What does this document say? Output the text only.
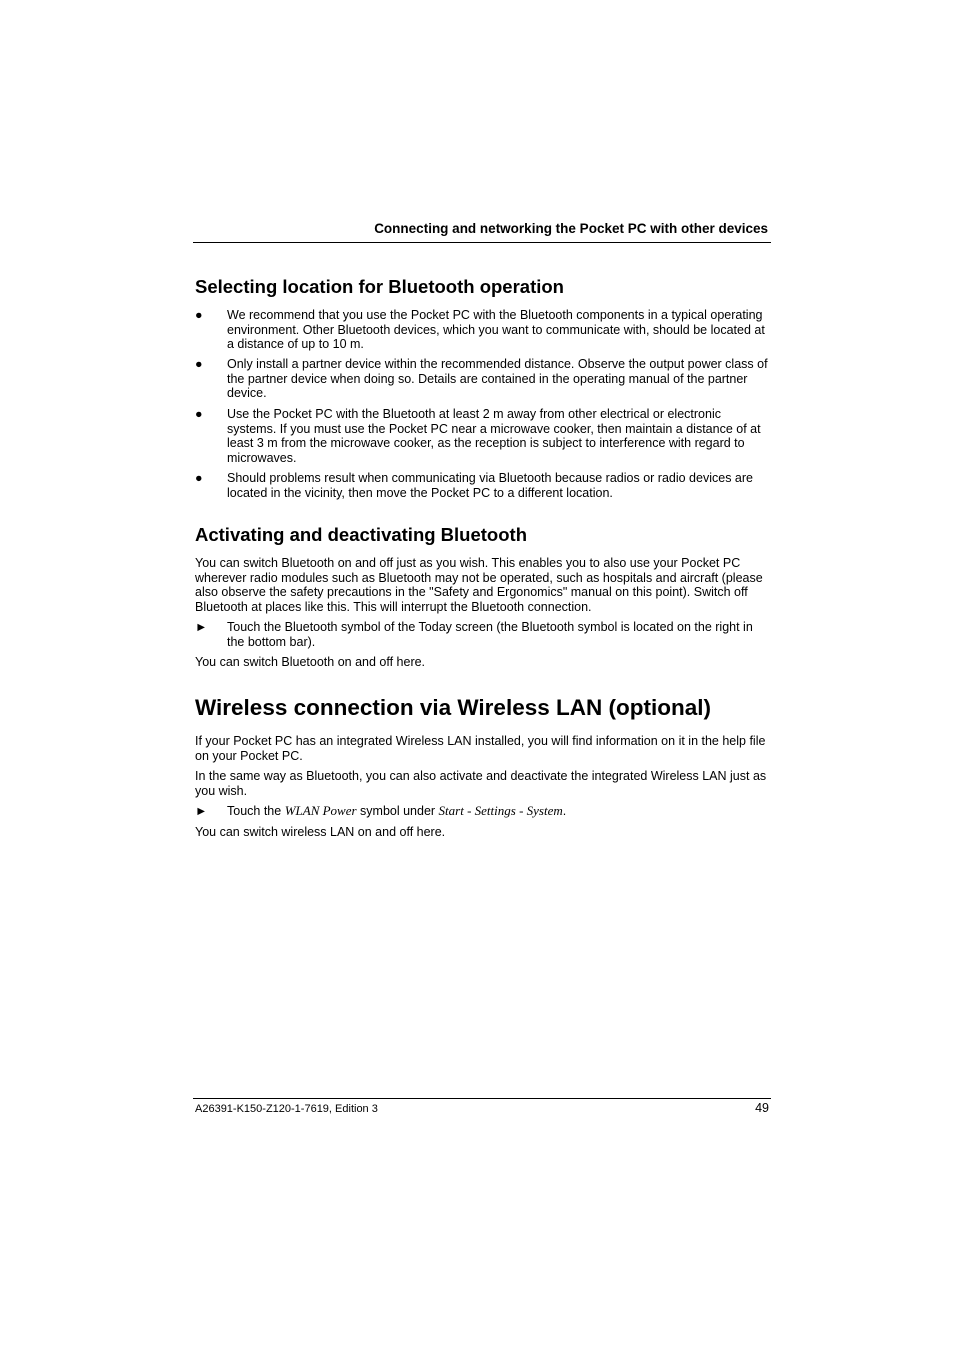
Connecting and networking the Pocket PC with other devices
Selecting location for Bluetooth operation
●	We recommend that you use the Pocket PC with the Bluetooth components in a typical operating environment. Other Bluetooth devices, which you want to communicate with, should be located at a distance of up to 10 m.
●	Only install a partner device within the recommended distance. Observe the output power class of the partner device when doing so. Details are contained in the operating manual of the partner device.
●	Use the Pocket PC with the Bluetooth at least 2 m away from other electrical or electronic systems. If you must use the Pocket PC near a microwave cooker, then maintain a distance of at least 3 m from the microwave cooker, as the reception is subject to interference with regard to microwaves.
●	Should problems result when communicating via Bluetooth because radios or radio devices are located in the vicinity, then move the Pocket PC to a different location.
Activating and deactivating Bluetooth

You can switch Bluetooth on and off just as you wish. This enables you to also use your Pocket PC wherever radio modules such as Bluetooth may not be operated, such as hospitals and aircraft (please also observe the safety precautions in the "Safety and Ergonomics" manual on this point). Switch off Bluetooth at places like this. This will interrupt the Bluetooth connection.

►	Touch the Bluetooth symbol of the Today screen (the Bluetooth symbol is located on the right in the bottom bar).

You can switch Bluetooth on and off here.

Wireless connection via Wireless LAN (optional)

If your Pocket PC has an integrated Wireless LAN installed, you will find information on it in the help file on your Pocket PC.

In the same way as Bluetooth, you can also activate and deactivate the integrated Wireless LAN just as you wish.

►	Touch the WLAN Power symbol under Start - Settings - System.

You can switch wireless LAN on and off here.

A26391-K150-Z120-1-7619, Edition 3	49
